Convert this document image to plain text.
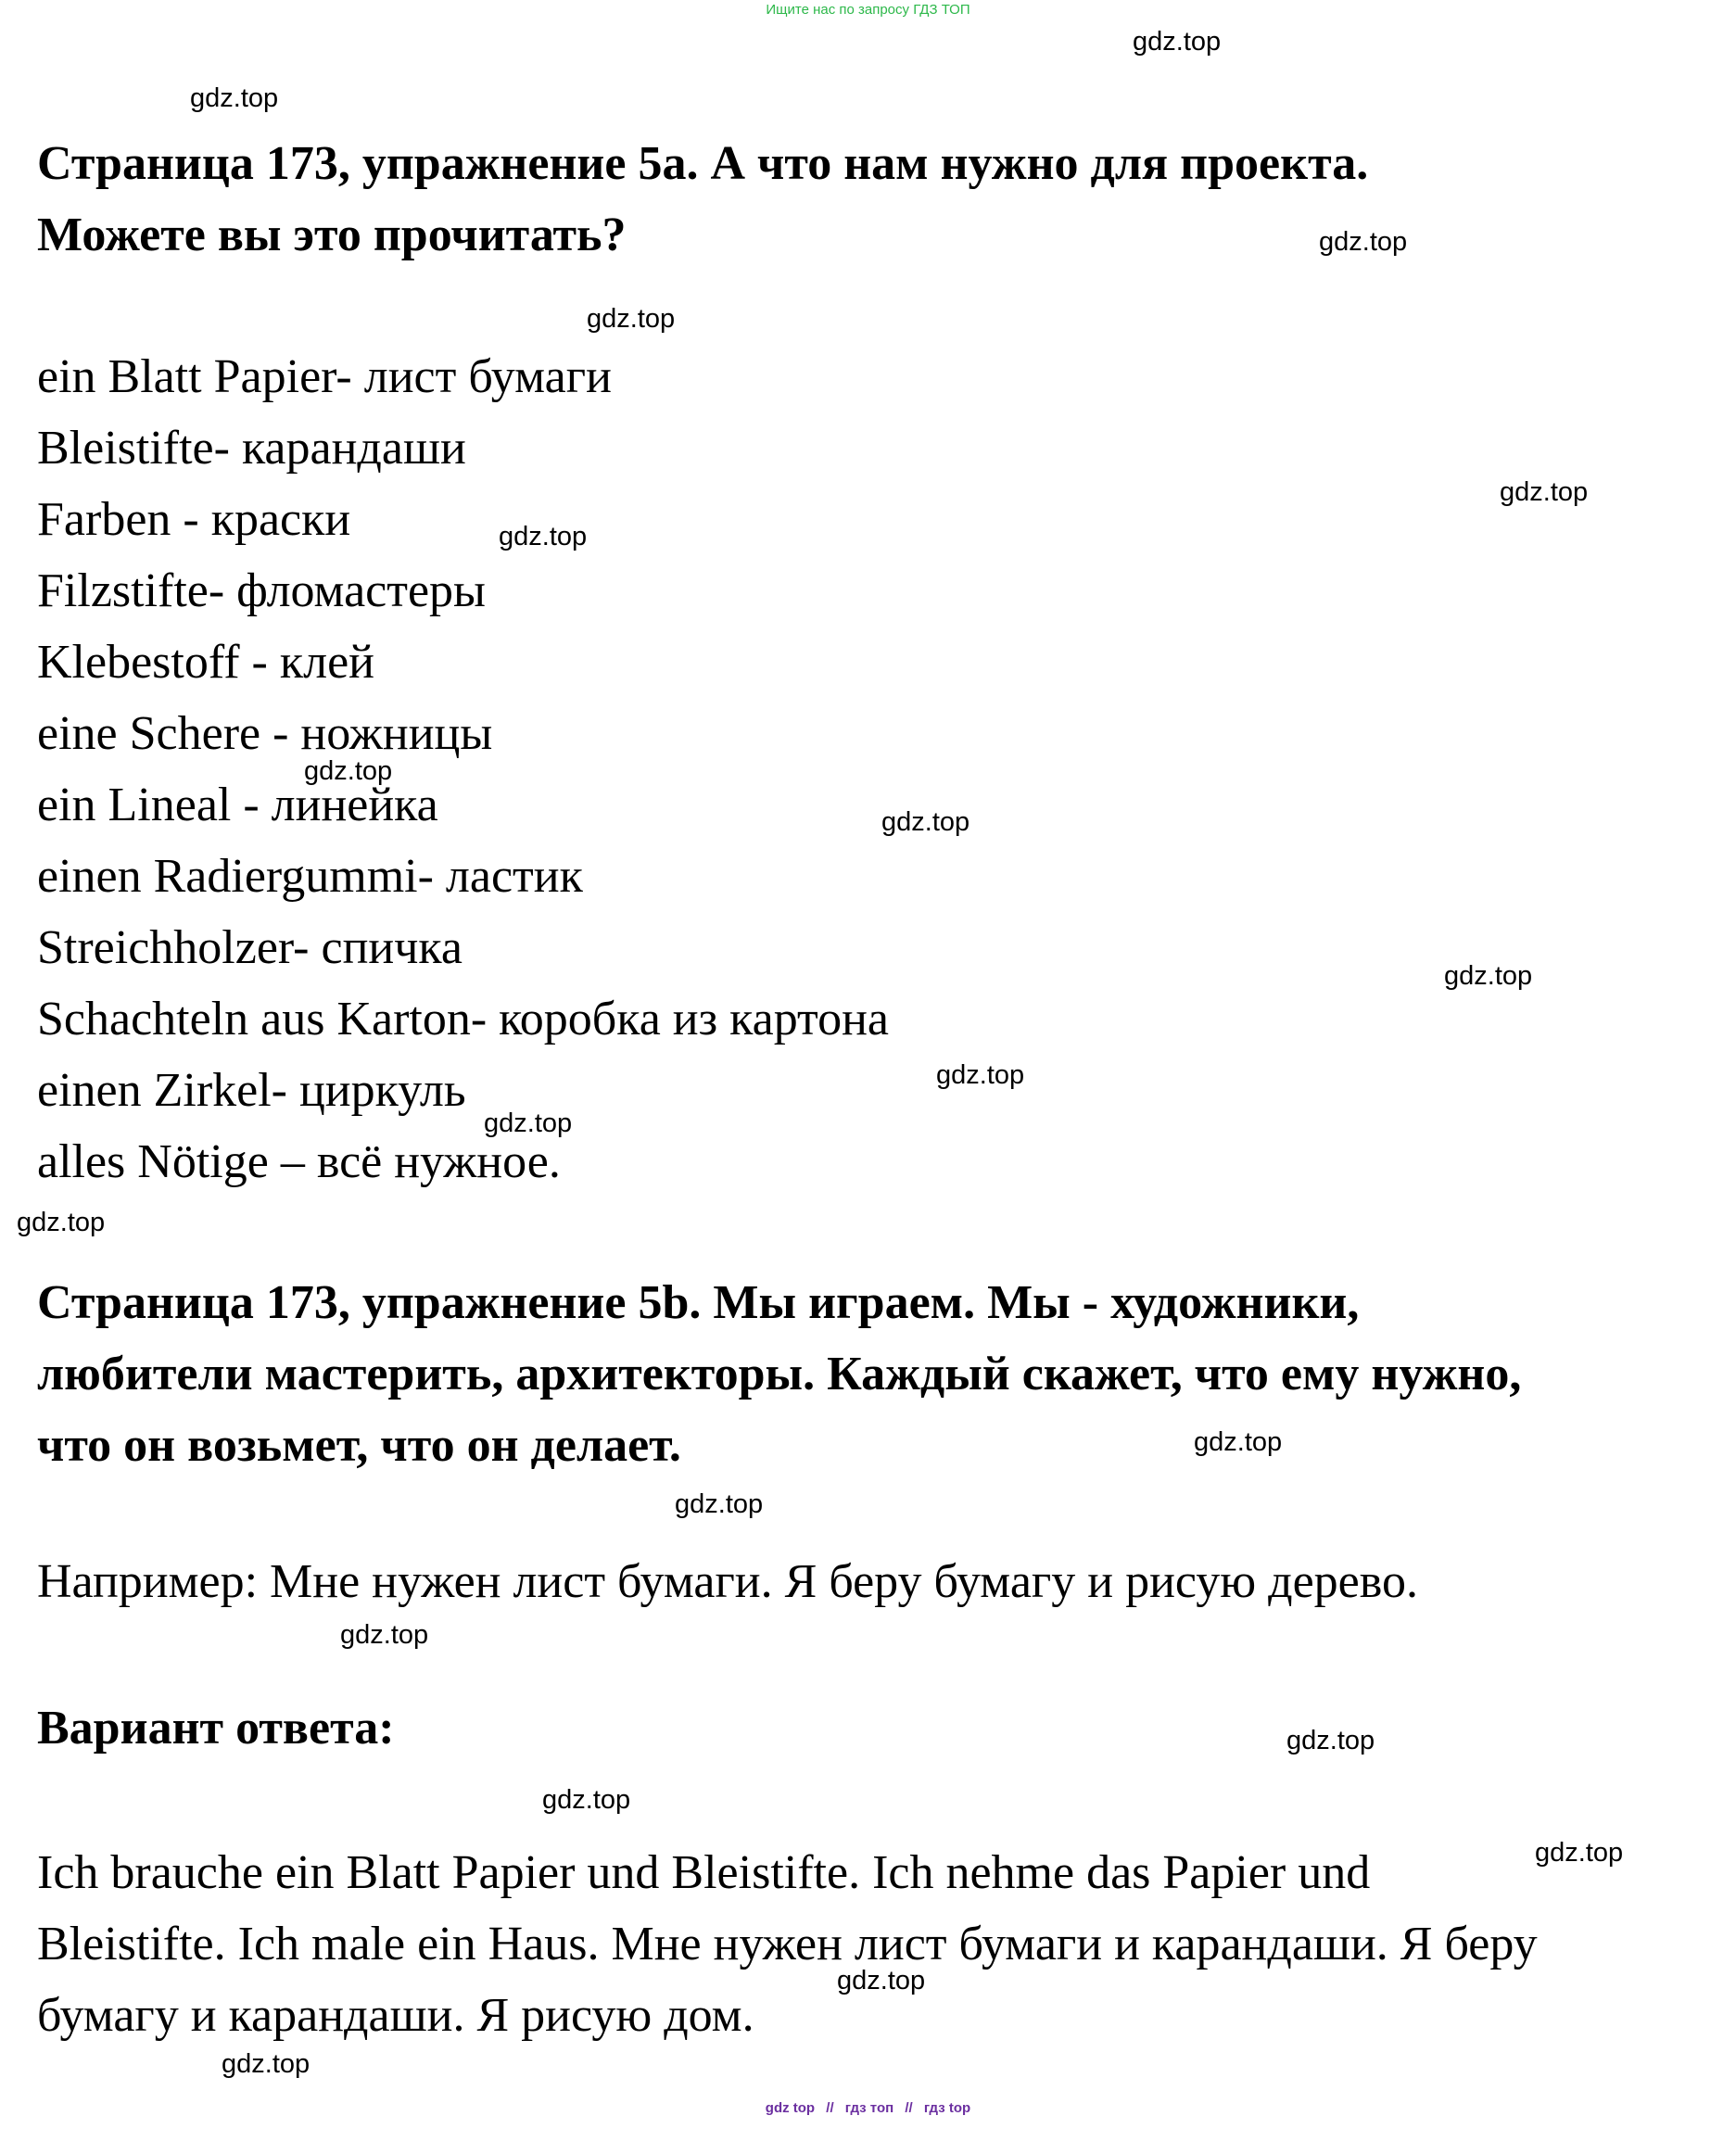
Ищите нас по запросу ГДЗ ТОП
Страница 173, упражнение 5а. А что нам нужно для проекта.
Можете вы это прочитать?
ein Blatt Papier- лист бумаги
Bleistifte- карандаши
Farben - краски
Filzstifte- фломастеры
Klebestoff - клей
eine Schere - ножницы
ein Lineal - линейка
einen Radiergummi- ластик
Streichholzer- спичка
Schachteln aus Karton- коробка из картона
einen Zirkel- циркуль
alles Nötige – всё нужное.
Страница 173, упражнение 5b. Мы играем. Мы - художники,
любители мастерить, архитекторы. Каждый скажет, что ему нужно,
что он возьмет, что он делает.

Например: Мне нужен лист бумаги. Я беру бумагу и рисую дерево.

Вариант ответа:

Ich brauche ein Blatt Papier und Bleistifte. Ich nehme das Papier und
Bleistifte. Ich male ein Haus. Мне нужен лист бумаги и карандаши. Я беру
бумагу и карандаши. Я рисую дом.

gdz.top
gdz.top
gdz.top
gdz.top
gdz.top
gdz.top
gdz.top
gdz.top
gdz.top
gdz.top
gdz.top
gdz.top
gdz.top
gdz.top
gdz.top
gdz.top
gdz.top
gdz.top
gdz.top
gdz.top
gdz top // гдз топ // гдз top
